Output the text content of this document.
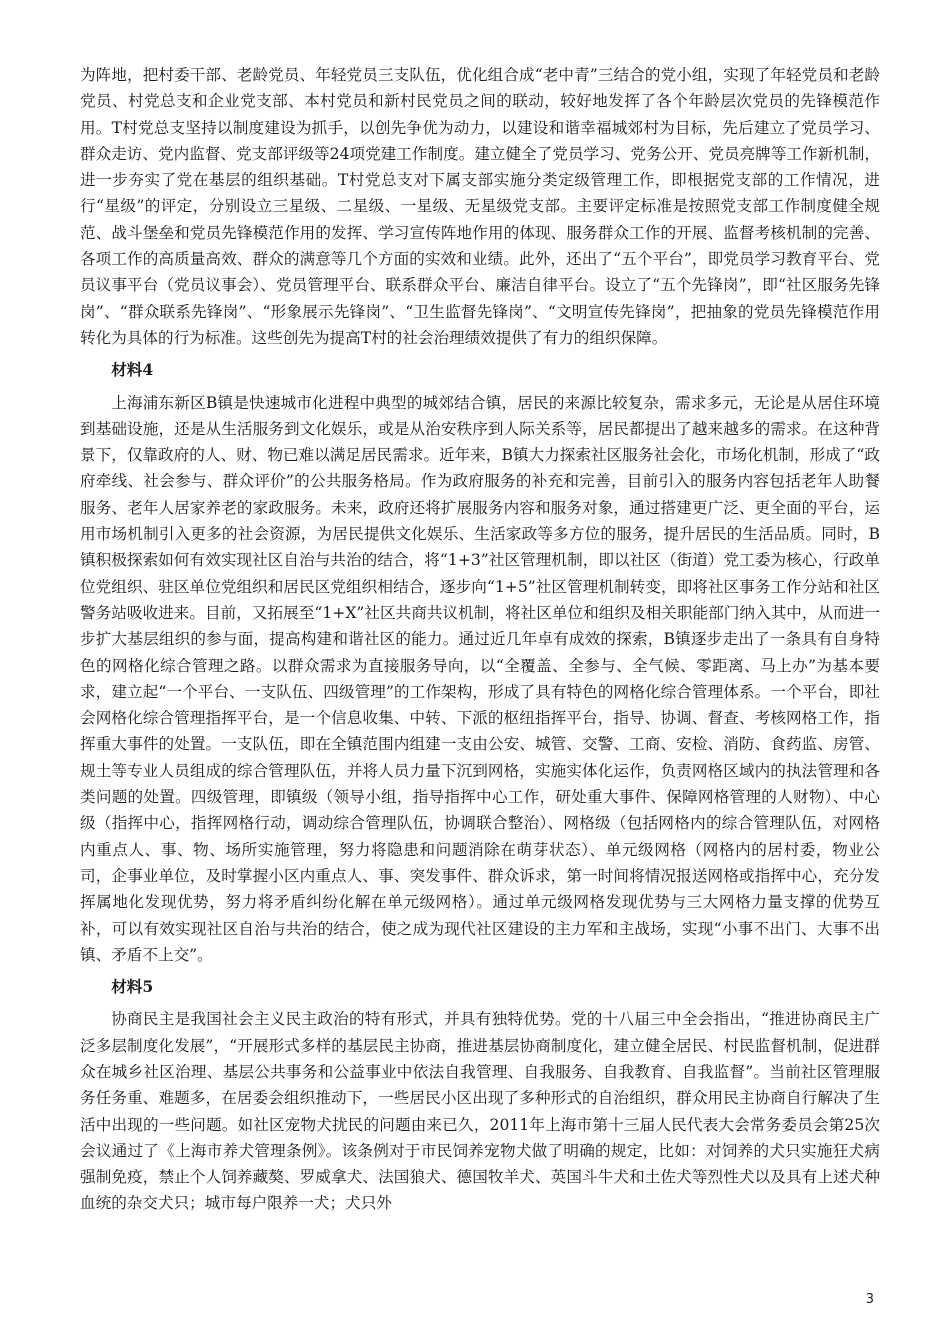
为阵地，把村委干部、老龄党员、年轻党员三支队伍，优化组合成“老中青”三结合的党小组，实现了年轻党员和老龄党员、村党总支和企业党支部、本村党员和新村民党员之间的联动，较好地发挥了各个年龄层次党员的先锋模范作用。T村党总支坚持以制度建设为抓手，以创先争优为动力，以建设和谐幸福城郊村为目标，先后建立了党员学习、群众走访、党内监督、党支部评级等24项党建工作制度。建立健全了党员学习、党务公开、党员亮牌等工作新机制，进一步夯实了党在基层的组织基础。T村党总支对下属支部实施分类定级管理工作，即根据党支部的工作情况，进行“星级”的评定，分别设立三星级、二星级、一星级、无星级党支部。主要评定标准是按照党支部工作制度健全规范、战斗堡垒和党员先锋模范作用的发挥、学习宣传阵地作用的体现、服务群众工作的开展、监督考核机制的完善、各项工作的高质量高效、群众的满意等几个方面的实效和业绩。此外，还出了“五个平台”，即党员学习教育平台、党员议事平台（党员议事会）、党员管理平台、联系群众平台、廉洁自律平台。设立了“五个先锋岗”，即“社区服务先锋岗”、“群众联系先锋岗”、“形象展示先锋岗”、“卫生监督先锋岗”、“文明宣传先锋岗”，把抽象的党员先锋模范作用转化为具体的行为标准。这些创先为提高T村的社会治理绩效提供了有力的组织保障。

材料4

上海浦东新区B镇是快速城市化进程中典型的城郊结合镇，居民的来源比较复杂，需求多元，无论是从居住环境到基础设施，还是从生活服务到文化娱乐，或是从治安秩序到人际关系等，居民都提出了越来越多的需求。在这种背景下，仅靠政府的人、财、物已难以满足居民需求。近年来，B镇大力探索社区服务社会化，市场化机制，形成了“政府牵线、社会参与、群众评价”的公共服务格局。作为政府服务的补充和完善，目前引入的服务内容包括老年人助餐服务、老年人居家养老的家政服务。未来，政府还将扩展服务内容和服务对象，通过搭建更广泛、更全面的平台，运用市场机制引入更多的社会资源，为居民提供文化娱乐、生活家政等多方位的服务，提升居民的生活品质。同时，B镇积极探索如何有效实现社区自治与共治的结合，将“1+3”社区管理机制，即以社区（街道）党工委为核心，行政单位党组织、驻区单位党组织和居民区党组织相结合，逐步向“1+5”社区管理机制转变，即将社区事务工作分站和社区警务站吸收进来。目前，又拓展至“1+X”社区共商共议机制，将社区单位和组织及相关职能部门纳入其中，从而进一步扩大基层组织的参与面，提高构建和谐社区的能力。通过近几年卓有成效的探索，B镇逐步走出了一条具有自身特色的网格化综合管理之路。以群众需求为直接服务导向，以“全覆盖、全参与、全气候、零距离、马上办”为基本要求，建立起“一个平台、一支队伍、四级管理”的工作架构，形成了具有特色的网格化综合管理体系。一个平台，即社会网格化综合管理指挥平台，是一个信息收集、中转、下派的枢纽指挥平台，指导、协调、督查、考核网格工作，指挥重大事件的处置。一支队伍，即在全镇范围内组建一支由公安、城管、交警、工商、安检、消防、食药监、房管、规土等专业人员组成的综合管理队伍，并将人员力量下沉到网格，实施实体化运作，负责网格区域内的执法管理和各类问题的处置。四级管理，即镇级（领导小组，指导指挥中心工作，研处重大事件、保障网格管理的人财物）、中心级（指挥中心，指挥网格行动，调动综合管理队伍，协调联合整治）、网格级（包括网格内的综合管理队伍，对网格内重点人、事、物、场所实施管理，努力将隐患和问题消除在萌芽状态）、单元级网格（网格内的居村委，物业公司，企事业单位，及时掌握小区内重点人、事、突发事件、群众诉求，第一时间将情况报送网格或指挥中心，充分发挥属地化发现优势，努力将矛盾纠纷化解在单元级网格）。通过单元级网格发现优势与三大网格力量支撑的优势互补，可以有效实现社区自治与共治的结合，使之成为现代社区建设的主力军和主战场，实现“小事不出门、大事不出镇、矛盾不上交”。

材料5

协商民主是我国社会主义民主政治的特有形式，并具有独特优势。党的十八届三中全会指出，“推进协商民主广泛多层制度化发展”，“开展形式多样的基层民主协商，推进基层协商制度化，建立健全居民、村民监督机制，促进群众在城乡社区治理、基层公共事务和公益事业中依法自我管理、自我服务、自我教育、自我监督”。当前社区管理服务任务重、难题多，在居委会组织推动下，一些居民小区出现了多种形式的自治组织，群众用民主协商自行解决了生活中出现的一些问题。如社区宠物犬扰民的问题由来已久，2011年上海市第十三届人民代表大会常务委员会第25次会议通过了《上海市养犬管理条例》。该条例对于市民饲养宠物犬做了明确的规定，比如：对饲养的犬只实施狂犬病强制免疫，禁止个人饲养藏獒、罗威拿犬、法国狼犬、德国牧羊犬、英国斗牛犬和土佐犬等烈性犬以及具有上述犬种血统的杂交犬只；城市每户限养一犬；犬只外

3
